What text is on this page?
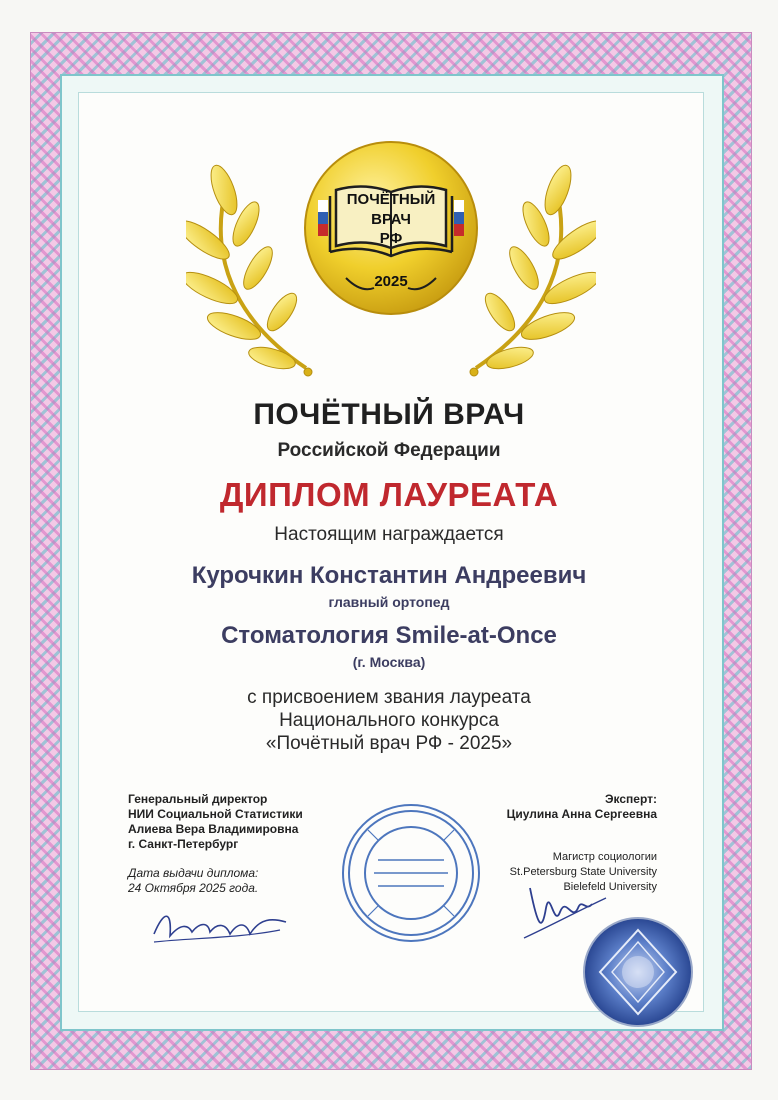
ПОЧЁТНЫЙ
ВРАЧ
РФ
2025
ПОЧЁТНЫЙ ВРАЧ
Российской Федерации
ДИПЛОМ ЛАУРЕАТА
Настоящим награждается
Курочкин Константин Андреевич
главный ортопед
Стоматология Smile-at-Once
(г. Москва)
с присвоением звания лауреата
Национального конкурса
«Почётный врач РФ - 2025»
Генеральный директор
НИИ Социальной Статистики
Алиева Вера Владимировна
г. Санкт-Петербург
Дата выдачи диплома:
24 Октября 2025 года.
Эксперт:
Циулина Анна Сергеевна
Магистр социологии
St.Petersburg State University
Bielefeld University
